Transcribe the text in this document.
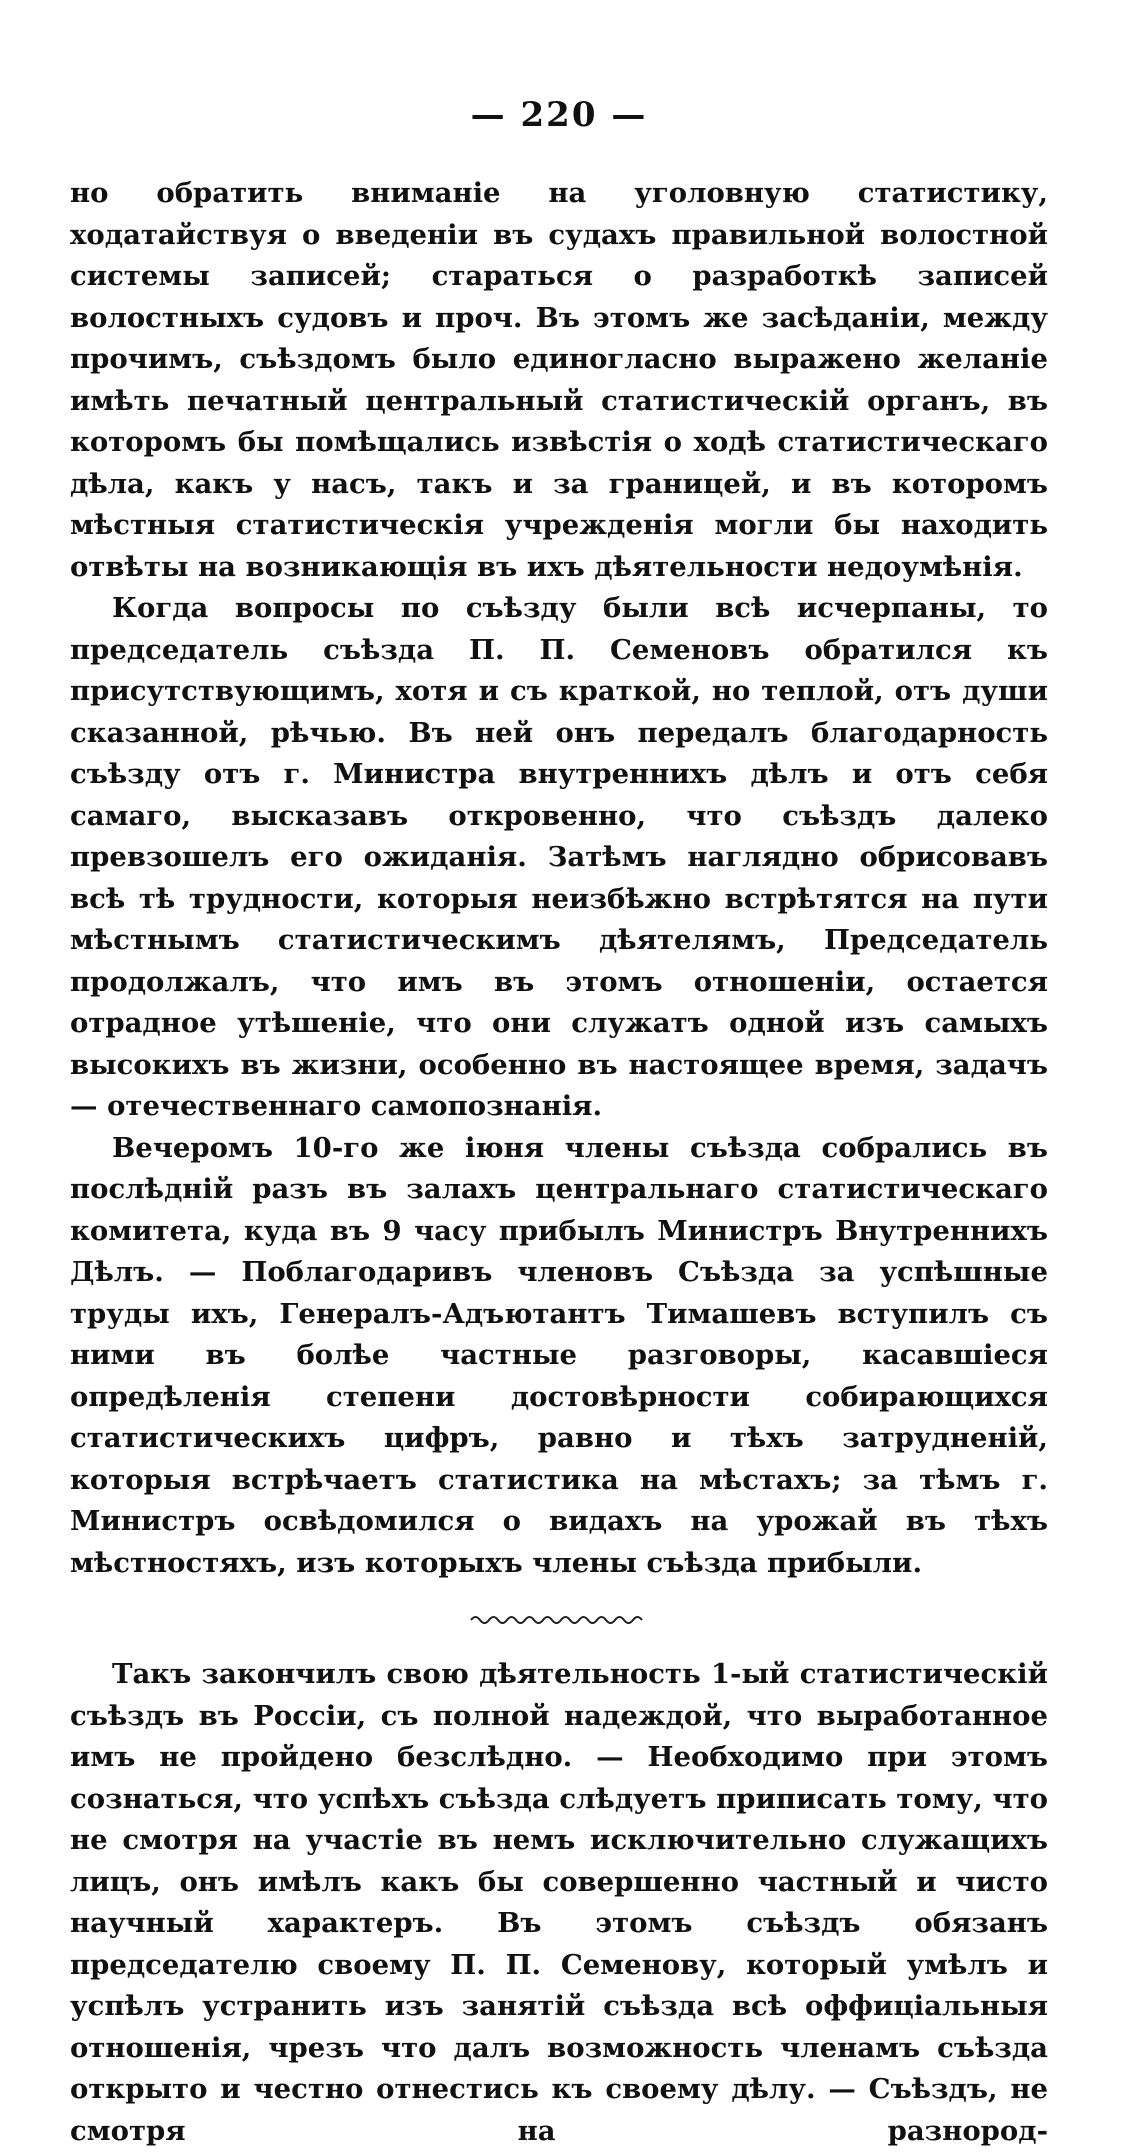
— 220 —

но обратить вниманіе на уголовную статистику, ходатайствуя о введеніи въ судахъ правильной волостной системы записей; стараться о разработкѣ записей волостныхъ судовъ и проч. Въ этомъ же засѣданіи, между прочимъ, съѣздомъ было единогласно выражено желаніе имѣть печатный центральный статистическій органъ, въ которомъ бы помѣщались извѣстія о ходѣ статистическаго дѣла, какъ у насъ, такъ и за границей, и въ которомъ мѣстныя статистическія учрежденія могли бы находить отвѣты на возникающія въ ихъ дѣятельности недоумѣнія.

Когда вопросы по съѣзду были всѣ исчерпаны, то председатель съѣзда П. П. Семеновъ обратился къ присутствующимъ, хотя и съ краткой, но теплой, отъ души сказанной, рѣчью. Въ ней онъ передалъ благодарность съѣзду отъ г. Министра внутреннихъ дѣлъ и отъ себя самаго, высказавъ откровенно, что съѣздъ далеко превзошелъ его ожиданія. Затѣмъ наглядно обрисовавъ всѣ тѣ трудности, которыя неизбѣжно встрѣтятся на пути мѣстнымъ статистическимъ дѣятелямъ, Председатель продолжалъ, что имъ въ этомъ отношеніи, остается отрадное утѣшеніе, что они служатъ одной изъ самыхъ высокихъ въ жизни, особенно въ настоящее время, задачъ — отечественнаго самопознанія.

Вечеромъ 10-го же іюня члены съѣзда собрались въ послѣдній разъ въ залахъ центральнаго статистическаго комитета, куда въ 9 часу прибылъ Министръ Внутреннихъ Дѣлъ. — Поблагодаривъ членовъ Съѣзда за успѣшные труды ихъ, Генералъ-Адъютантъ Тимашевъ вступилъ съ ними въ болѣе частные разговоры, касавшіеся опредѣленія степени достовѣрности собирающихся статистическихъ цифръ, равно и тѣхъ затрудненій, которыя встрѣчаетъ статистика на мѣстахъ; за тѣмъ г. Министръ освѣдомился о видахъ на урожай въ тѣхъ мѣстностяхъ, изъ которыхъ члены съѣзда прибыли.

Такъ закончилъ свою дѣятельность 1-ый статистическій съѣздъ въ Россіи, съ полной надеждой, что выработанное имъ не пройдено безслѣдно. — Необходимо при этомъ сознаться, что успѣхъ съѣзда слѣдуетъ приписать тому, что не смотря на участіе въ немъ исключительно служащихъ лицъ, онъ имѣлъ какъ бы совершенно частный и чисто научный характеръ. Въ этомъ съѣздъ обязанъ председателю своему П. П. Семенову, который умѣлъ и успѣлъ устранить изъ занятій съѣзда всѣ оффиціальныя отношенія, чрезъ что далъ возможность членамъ съѣзда открыто и честно отнестись къ своему дѣлу. — Съѣздъ, не смотря на разнород-
